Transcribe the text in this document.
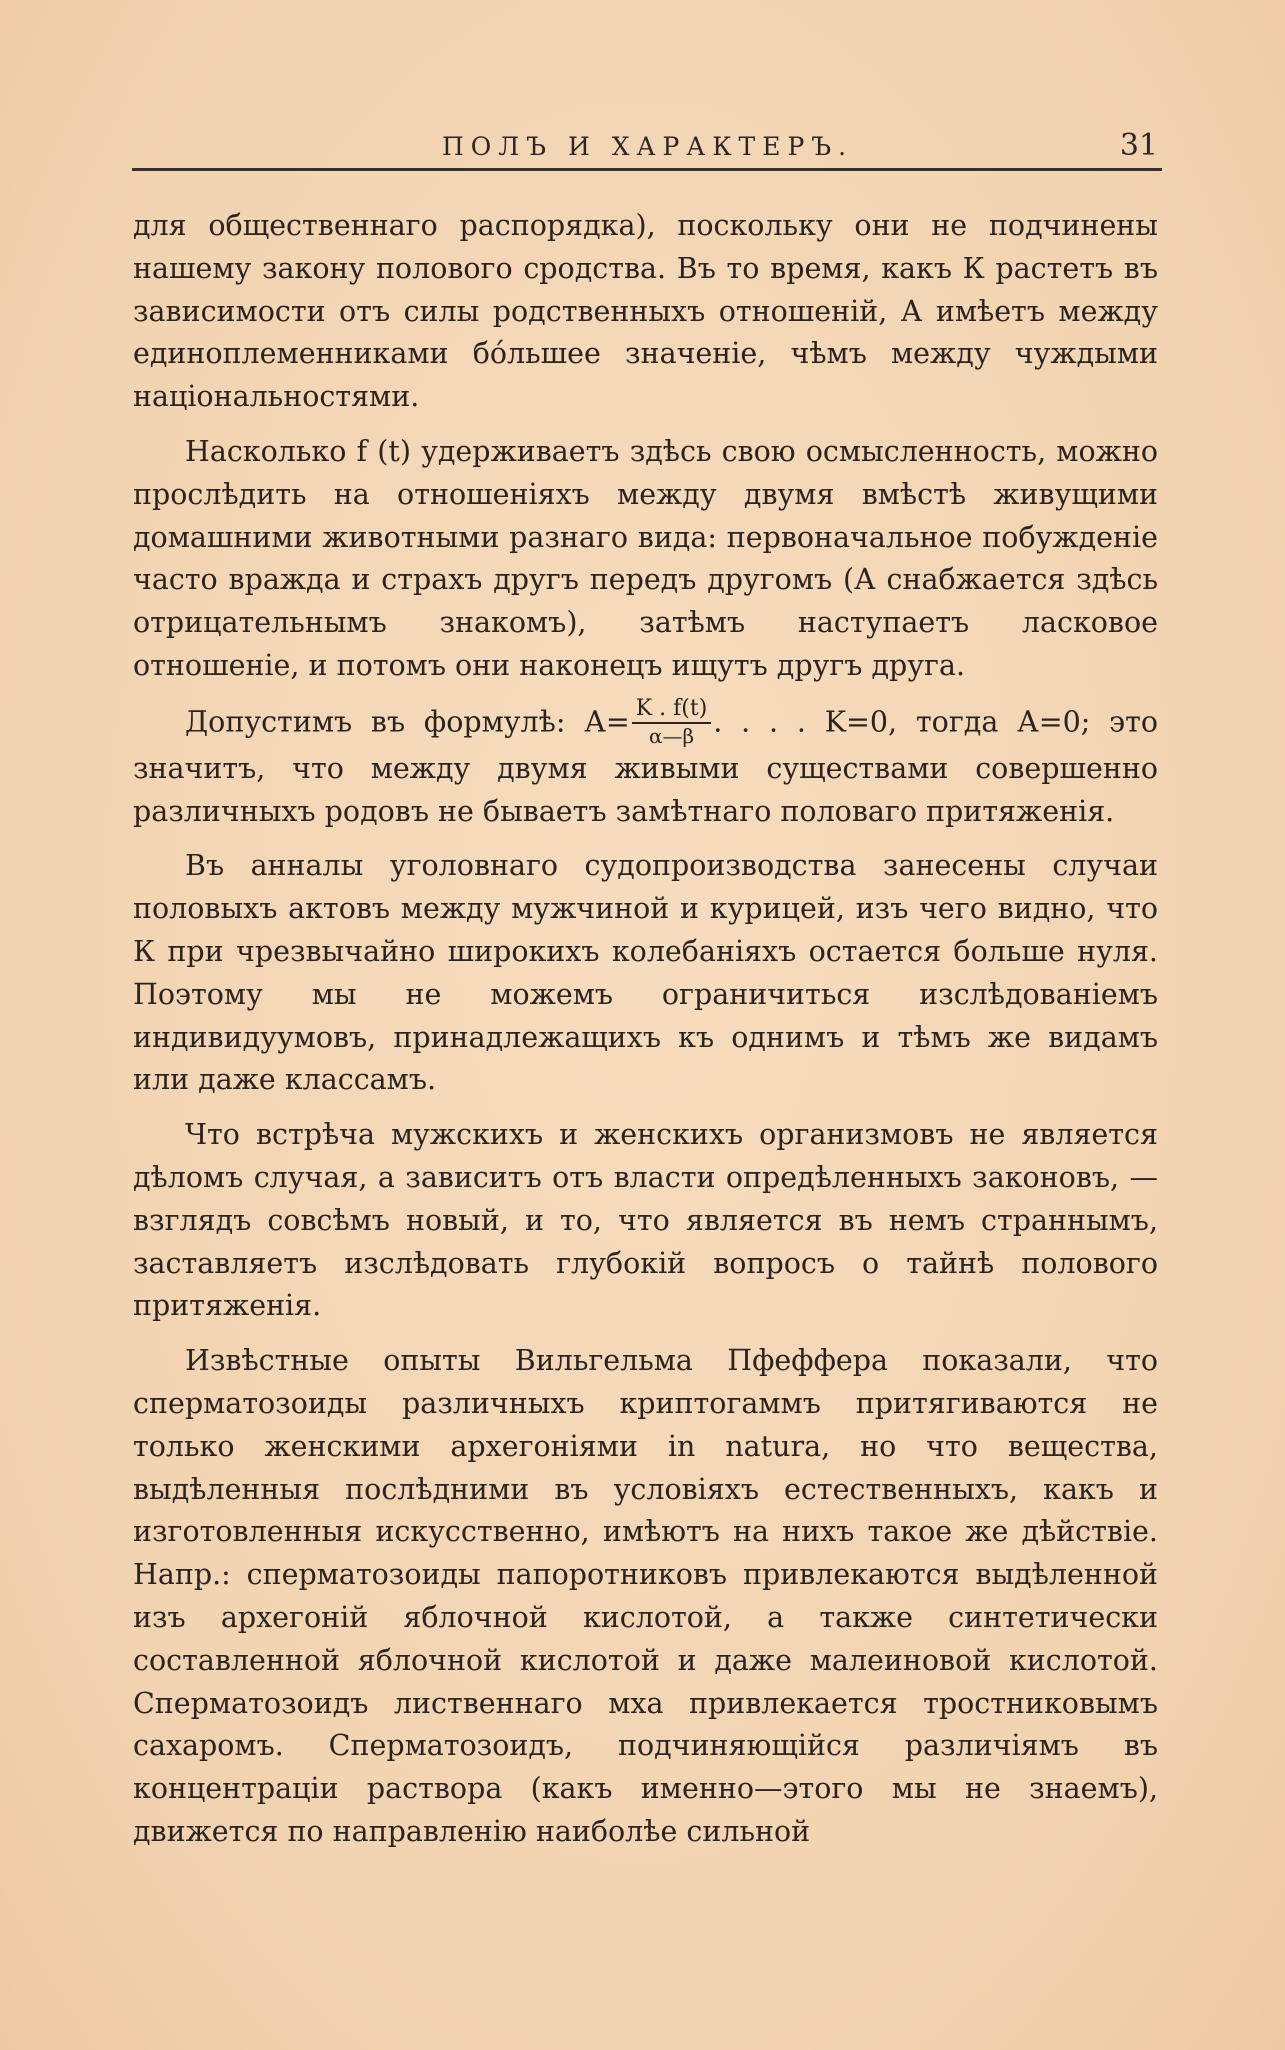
ПОЛЪ И ХАРАКТЕРЪ.	31

для общественнаго распорядка), поскольку они не подчинены нашему закону полового сродства. Въ то время, какъ К растетъ въ зависимости отъ силы родственныхъ отношеній, А имѣетъ между единоплеменниками бóльшее значеніе, чѣмъ между чуждыми національностями.

Насколько f (t) удерживаетъ здѣсь свою осмысленность, можно прослѣдить на отношеніяхъ между двумя вмѣстѣ живущими домашними животными разнаго вида: первоначальное побужденіе часто вражда и страхъ другъ передъ другомъ (А снабжается здѣсь отрицательнымъ знакомъ), затѣмъ наступаетъ ласковое отношеніе, и потомъ они наконецъ ищутъ другъ друга.

Допустимъ въ формулѣ: $А= \frac{K . f(t)}{\alpha—\beta}$ . . . . K=0, тогда А=0; это значитъ, что между двумя живыми существами совершенно различныхъ родовъ не бываетъ замѣтнаго половаго притяженія.

Въ анналы уголовнаго судопроизводства занесены случаи половыхъ актовъ между мужчиной и курицей, изъ чего видно, что К при чрезвычайно широкихъ колебаніяхъ остается больше нуля. Поэтому мы не можемъ ограничиться изслѣдованіемъ индивидуумовъ, принадлежащихъ къ однимъ и тѣмъ же видамъ или даже классамъ.

Что встрѣча мужскихъ и женскихъ организмовъ не является дѣломъ случая, а зависитъ отъ власти опредѣленныхъ законовъ, — взглядъ совсѣмъ новый, и то, что является въ немъ страннымъ, заставляетъ изслѣдовать глубокій вопросъ о тайнѣ полового притяженія.

Извѣстные опыты Вильгельма Пфеффера показали, что сперматозоиды различныхъ криптогаммъ притягиваются не только женскими архегоніями in natura, но что вещества, выдѣленныя послѣдними въ условіяхъ естественныхъ, какъ и изготовленныя искусственно, имѣютъ на нихъ такое же дѣйствіе. Напр.: сперматозоиды папоротниковъ привлекаются выдѣленной изъ архегоній яблочной кислотой, а также синтетически составленной яблочной кислотой и даже малеиновой кислотой. Сперматозоидъ лиственнаго мха привлекается тростниковымъ сахаромъ. Сперматозоидъ, подчиняющійся различіямъ въ концентраціи раствора (какъ именно—этого мы не знаемъ), движется по направленію наиболѣе сильной
